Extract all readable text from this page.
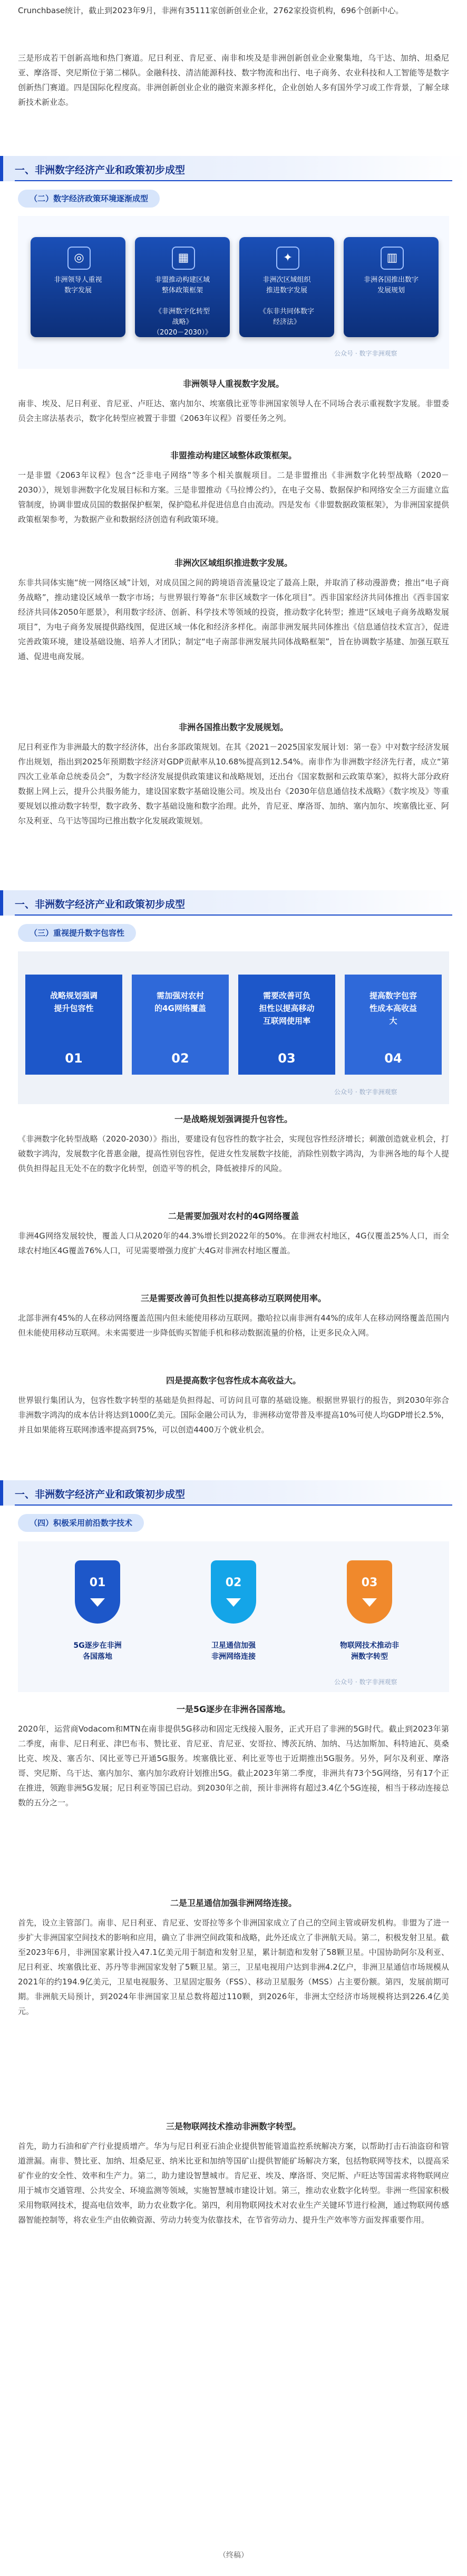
Crunchbase统计，截止到2023年9月，非洲有35111家创新创业企业，2762家投资机构，696个创新中心。

三是形成若干创新高地和热门赛道。尼日利亚、肯尼亚、南非和埃及是非洲创新创业企业聚集地，乌干达、加纳、坦桑尼亚、摩洛哥、突尼斯位于第二梯队。金融科技、清洁能源科技、数字物流和出行、电子商务、农业科技和人工智能等是数字创新热门赛道。四是国际化程度高。非洲创新创业企业的融资来源多样化，企业创始人多有国外学习或工作背景，了解全球新技术新业态。

一、非洲数字经济产业和政策初步成型
（二）数字经济政策环境逐渐成型
◎
非洲领导人重视
数字发展
▦
非盟推动构建区域
整体政策框架

《非洲数字化转型
战略》
（2020－2030）》
✦
非洲次区域组织
推进数字发展

《东非共同体数字
经济法》
▥
非洲各国推出数字
发展规划
公众号 · 数字非洲观察
非洲领导人重视数字发展。

南非、埃及、尼日利亚、肯尼亚、卢旺达、塞内加尔、埃塞俄比亚等非洲国家领导人在不同场合表示重视数字发展。非盟委员会主席法基表示，数字化转型应被置于非盟《2063年议程》首要任务之列。

非盟推动构建区域整体政策框架。

一是非盟《2063年议程》包含“泛非电子网络”等多个相关旗舰项目。二是非盟推出《非洲数字化转型战略（2020－2030）》，规划非洲数字化发展目标和方案。三是非盟推动《马拉博公约》，在电子交易、数据保护和网络安全三方面建立监管制度，协调非盟成员国的数据保护框架，保护隐私并促进信息自由流动。四是发布《非盟数据政策框架》，为非洲国家提供政策框架参考，为数据产业和数据经济创造有利政策环境。

非洲次区域组织推进数字发展。

东非共同体实施“统一网络区域”计划，对成员国之间的跨境语音流量设定了最高上限，并取消了移动漫游费；推出“电子商务战略”，推动建设区域单一数字市场；与世界银行筹备“东非区域数字一体化项目”。西非国家经济共同体推出《西非国家经济共同体2050年愿景》，利用数字经济、创新、科学技术等领域的投资，推动数字化转型；推进“区域电子商务战略发展项目”，为电子商务发展提供路线图，促进区域一体化和经济多样化。南部非洲发展共同体推出《信息通信技术宣言》，促进完善政策环境，建设基础设施、培养人才团队；制定“电子南部非洲发展共同体战略框架”，旨在协调数字基建、加强互联互通、促进电商发展。

非洲各国推出数字发展规划。

尼日利亚作为非洲最大的数字经济体，出台多部政策规划。在其《2021－2025国家发展计划：第一卷》中对数字经济发展作出规划，指出到2025年预期数字经济对GDP贡献率从10.68%提高到12.54%。南非作为非洲数字经济先行者，成立“第四次工业革命总统委员会”，为数字经济发展提供政策建议和战略规划，还出台《国家数据和云政策草案》，拟将大部分政府数据上网上云，提升公共服务能力，建设国家数字基础设施公司。埃及出台《2030年信息通信技术战略》《数字埃及》等重要规划以推动数字转型，数字政务、数字基础设施和数字治理。此外，肯尼亚、摩洛哥、加纳、塞内加尔、埃塞俄比亚、阿尔及利亚、乌干达等国均已推出数字化发展政策规划。

一、非洲数字经济产业和政策初步成型
（三）重视提升数字包容性
战略规划强调
提升包容性
01
需加强对农村
的4G网络覆盖
02
需要改善可负
担性以提高移动
互联网使用率
03
提高数字包容
性成本高收益
大
04
公众号 · 数字非洲观察
一是战略规划强调提升包容性。

《非洲数字化转型战略（2020-2030）》指出，要建设有包容性的数字社会，实现包容性经济增长；刺激创造就业机会，打破数字鸿沟，发展数字化普惠金融，提高性别包容性，促进女性发展数字技能，消除性别数字鸿沟，为非洲各地的每个人提供负担得起且无处不在的数字化转型，创造平等的机会，降低被排斥的风险。

二是需要加强对农村的4G网络覆盖

非洲4G网络发展较快，覆盖人口从2020年的44.3%增长到2022年的50%。在非洲农村地区，4G仅覆盖25%人口，而全球农村地区4G覆盖76%人口，可见需要增强力度扩大4G对非洲农村地区覆盖。

三是需要改善可负担性以提高移动互联网使用率。

北部非洲有45%的人在移动网络覆盖范围内但未能使用移动互联网。撒哈拉以南非洲有44%的成年人在移动网络覆盖范围内但未能使用移动互联网。未来需要进一步降低购买智能手机和移动数据流量的价格，让更多民众入网。

四是提高数字包容性成本高收益大。

世界银行集团认为，包容性数字转型的基础是负担得起、可访问且可靠的基础设施。根据世界银行的报告，到2030年弥合非洲数字鸿沟的成本估计将达到1000亿美元。国际金融公司认为，非洲移动宽带普及率提高10%可使人均GDP增长2.5%，并且如果能将互联网渗透率提高到75%，可以创造4400万个就业机会。

一、非洲数字经济产业和政策初步成型
（四）积极采用前沿数字技术
01	02	03
5G逐步在非洲
各国落地
卫星通信加强
非洲网络连接
物联网技术推动非
洲数字转型
公众号 · 数字非洲观察
一是5G逐步在非洲各国落地。

2020年，运营商Vodacom和MTN在南非提供5G移动和固定无线接入服务，正式开启了非洲的5G时代。截止到2023年第二季度，南非、尼日利亚、津巴布韦、赞比亚、肯尼亚、肯尼亚、安哥拉、博茨瓦纳、加纳、马达加斯加、科特迪瓦、莫桑比克、埃及、塞舌尔、冈比亚等已开通5G服务。埃塞俄比亚、利比亚等也于近期推出5G服务。另外，阿尔及利亚、摩洛哥、突尼斯、乌干达、塞内加尔、塞内加尔政府计划推出5G。截止2023年第二季度，非洲共有73个5G网络，另有17个正在推进，领跑非洲5G发展；尼日利亚等国已启动。到2030年之前，预计非洲将有超过3.4亿个5G连接，相当于移动连接总数的五分之一。

二是卫星通信加强非洲网络连接。

首先，设立主管部门。南非、尼日利亚、肯尼亚、安哥拉等多个非洲国家成立了自己的空间主管或研发机构。非盟为了进一步扩大非洲国家空间技术的影响和应用，确立了非洲空间政策和战略，此外还成立了非洲航天局。第二，积极发射卫星。截至2023年6月，非洲国家累计投入47.1亿美元用于制造和发射卫星，累计制造和发射了58颗卫星。中国协助阿尔及利亚、尼日利亚、埃塞俄比亚、苏丹等非洲国家发射了5颗卫星。第三，卫星电视用户达到非洲4.2亿户，非洲卫星通信市场规模从2021年的约194.9亿美元，卫星电视服务、卫星固定服务（FSS）、移动卫星服务（MSS）占主要份额。第四，发展前期可期。非洲航天局预计，到2024年非洲国家卫星总数将超过110颗，到2026年，非洲太空经济市场规模将达到226.4亿美元。

三是物联网技术推动非洲数字转型。

首先，助力石油和矿产行业提质增产。华为与尼日利亚石油企业提供智能管道监控系统解决方案，以帮助打击石油盗窃和管道泄漏。南非、赞比亚、加纳、坦桑尼亚、纳米比亚和加纳等国矿山提供智能矿场解决方案，包括物联网等技术，以提高采矿作业的安全性、效率和生产力。第二，助力建设智慧城市。肯尼亚、埃及、摩洛哥、突尼斯、卢旺达等国需求将物联网应用于城市交通管理、公共安全、环境监测等领域，实施智慧城市建设计划。第三，推动农业数字化转型。非洲一些国家积极采用物联网技术，提高电信效率，助力农业数字化。第四，利用物联网技术对农业生产关键环节进行检测，通过物联网传感器智能控制等，将农业生产由依赖资源、劳动力转变为依靠技术，在节省劳动力、提升生产效率等方面发挥重要作用。

（终稿）
